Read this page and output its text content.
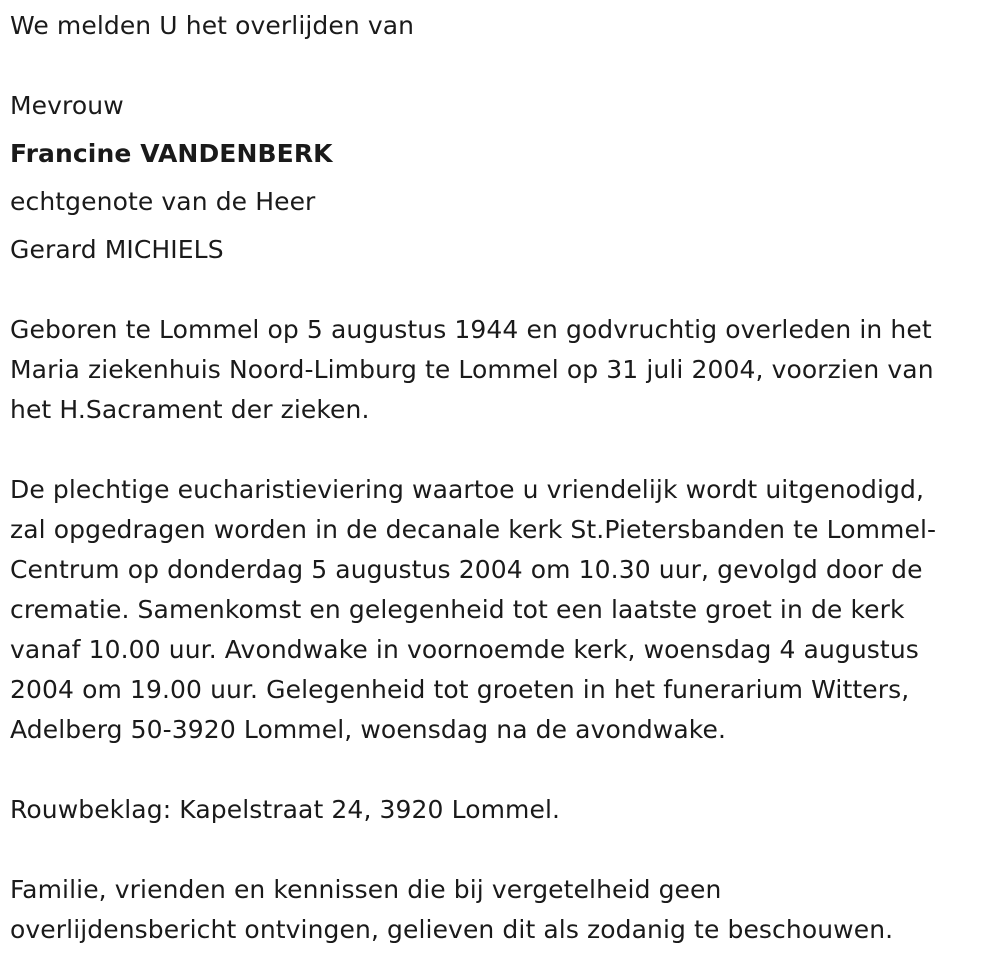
We melden U het overlijden van
Mevrouw
Francine VANDENBERK
echtgenote van de Heer
Gerard MICHIELS
Geboren te Lommel op 5 augustus 1944 en godvruchtig overleden in het
Maria ziekenhuis Noord-Limburg te Lommel op 31 juli 2004, voorzien van
het H.Sacrament der zieken.
De plechtige eucharistieviering waartoe u vriendelijk wordt uitgenodigd,
zal opgedragen worden in de decanale kerk St.Pietersbanden te Lommel-
Centrum op donderdag 5 augustus 2004 om 10.30 uur, gevolgd door de
crematie. Samenkomst en gelegenheid tot een laatste groet in de kerk
vanaf 10.00 uur. Avondwake in voornoemde kerk, woensdag 4 augustus
2004 om 19.00 uur. Gelegenheid tot groeten in het funerarium Witters,
Adelberg 50-3920 Lommel, woensdag na de avondwake.
Rouwbeklag: Kapelstraat 24, 3920 Lommel.
Familie, vrienden en kennissen die bij vergetelheid geen
overlijdensbericht ontvingen, gelieven dit als zodanig te beschouwen.
